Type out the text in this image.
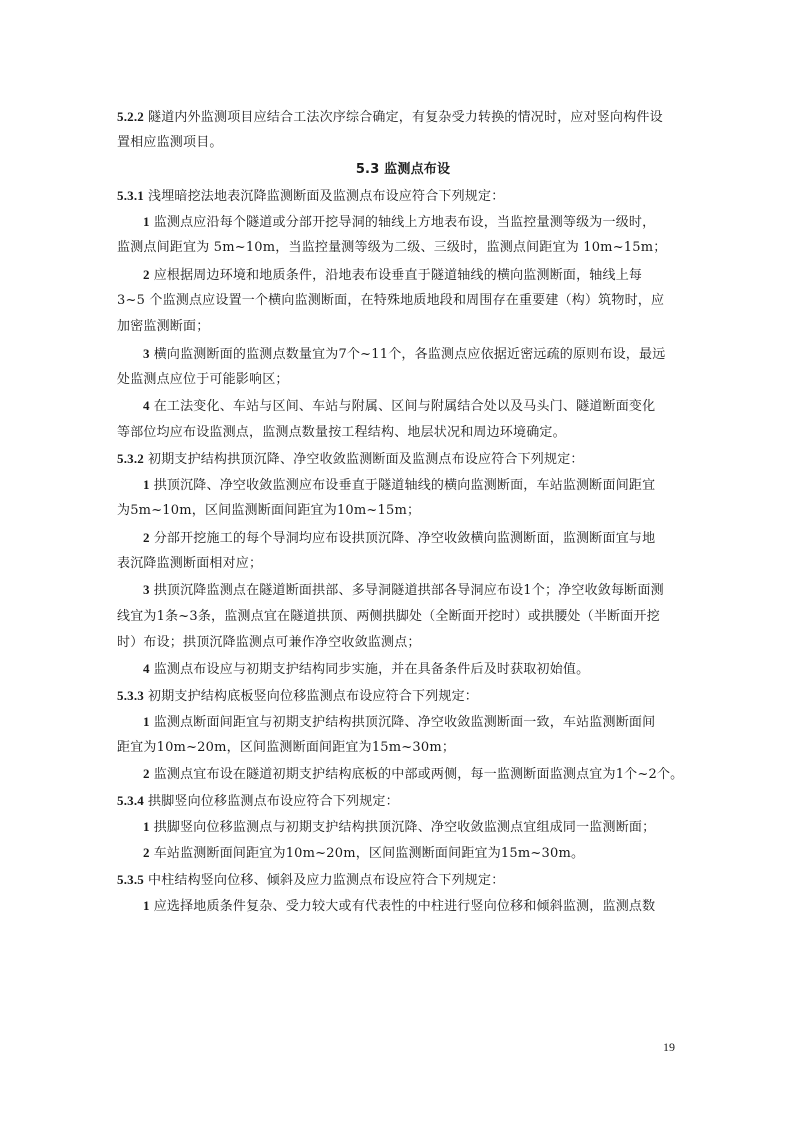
5.2.2 隧道内外监测项目应结合工法次序综合确定，有复杂受力转换的情况时，应对竖向构件设
置相应监测项目。
5.3 监测点布设
5.3.1 浅埋暗挖法地表沉降监测断面及监测点布设应符合下列规定：
1 监测点应沿每个隧道或分部开挖导洞的轴线上方地表布设，当监控量测等级为一级时，
监测点间距宜为 5m~10m，当监控量测等级为二级、三级时，监测点间距宜为 10m~15m；
2 应根据周边环境和地质条件，沿地表布设垂直于隧道轴线的横向监测断面，轴线上每
3~5 个监测点应设置一个横向监测断面，在特殊地质地段和周围存在重要建（构）筑物时，应
加密监测断面；
3 横向监测断面的监测点数量宜为7个~11个，各监测点应依据近密远疏的原则布设，最远
处监测点应位于可能影响区；
4 在工法变化、车站与区间、车站与附属、区间与附属结合处以及马头门、隧道断面变化
等部位均应布设监测点，监测点数量按工程结构、地层状况和周边环境确定。
5.3.2 初期支护结构拱顶沉降、净空收敛监测断面及监测点布设应符合下列规定：
1 拱顶沉降、净空收敛监测应布设垂直于隧道轴线的横向监测断面，车站监测断面间距宜
为5m~10m，区间监测断面间距宜为10m~15m；
2 分部开挖施工的每个导洞均应布设拱顶沉降、净空收敛横向监测断面，监测断面宜与地
表沉降监测断面相对应；
3 拱顶沉降监测点在隧道断面拱部、多导洞隧道拱部各导洞应布设1个；净空收敛每断面测
线宜为1条~3条，监测点宜在隧道拱顶、两侧拱脚处（全断面开挖时）或拱腰处（半断面开挖
时）布设；拱顶沉降监测点可兼作净空收敛监测点；
4 监测点布设应与初期支护结构同步实施，并在具备条件后及时获取初始值。
5.3.3 初期支护结构底板竖向位移监测点布设应符合下列规定：
1 监测点断面间距宜与初期支护结构拱顶沉降、净空收敛监测断面一致，车站监测断面间
距宜为10m~20m，区间监测断面间距宜为15m~30m；
2 监测点宜布设在隧道初期支护结构底板的中部或两侧，每一监测断面监测点宜为1个~2个。
5.3.4 拱脚竖向位移监测点布设应符合下列规定：
1 拱脚竖向位移监测点与初期支护结构拱顶沉降、净空收敛监测点宜组成同一监测断面；
2 车站监测断面间距宜为10m~20m，区间监测断面间距宜为15m~30m。
5.3.5 中柱结构竖向位移、倾斜及应力监测点布设应符合下列规定：
1 应选择地质条件复杂、受力较大或有代表性的中柱进行竖向位移和倾斜监测，监测点数
19
